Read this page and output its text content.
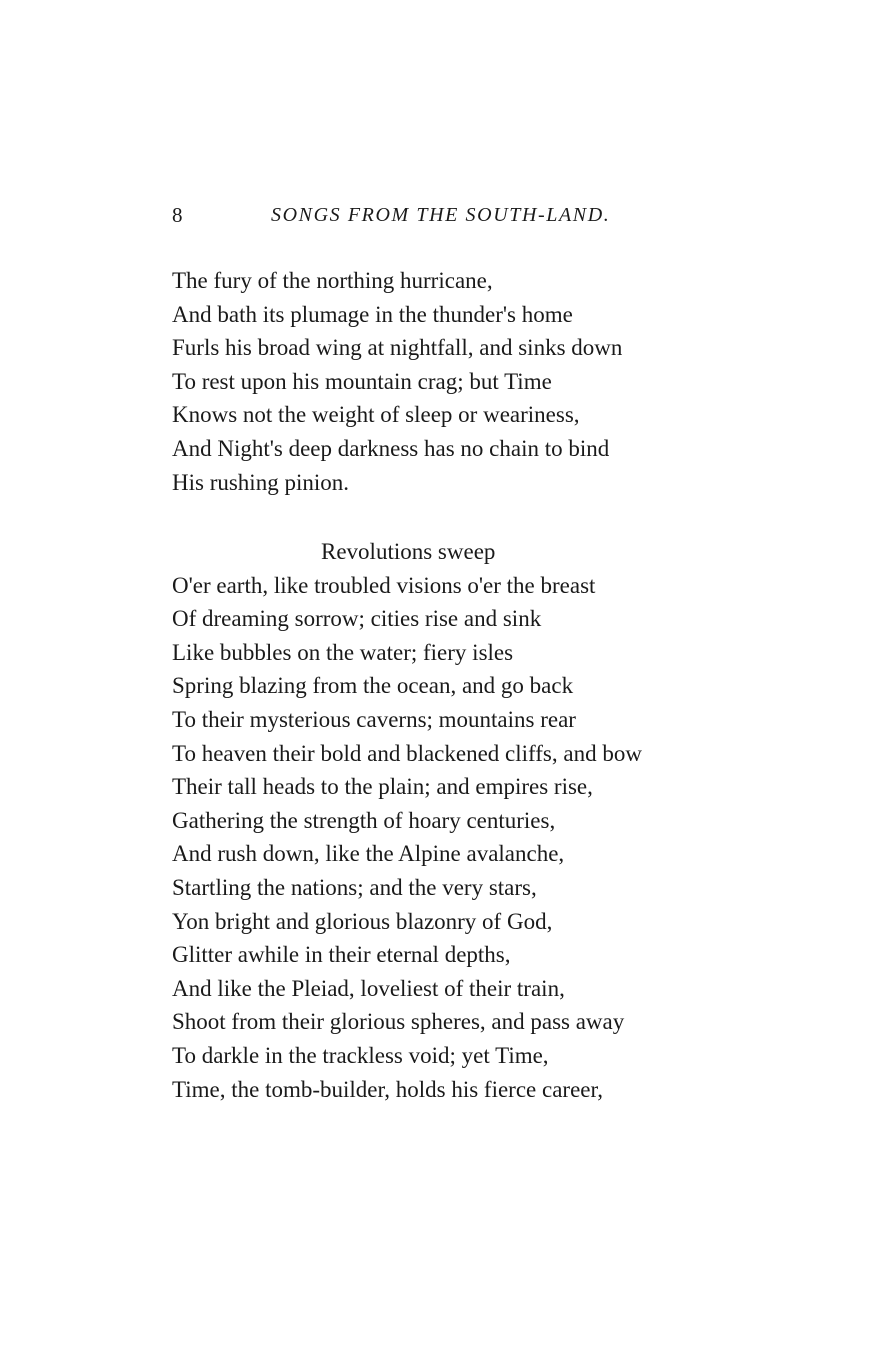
8	SONGS FROM THE SOUTH-LAND.
The fury of the northing hurricane,
And bath its plumage in the thunder's home
Furls his broad wing at nightfall, and sinks down
To rest upon his mountain crag; but Time
Knows not the weight of sleep or weariness,
And Night's deep darkness has no chain to bind
His rushing pinion.
Revolutions sweep
O'er earth, like troubled visions o'er the breast
Of dreaming sorrow; cities rise and sink
Like bubbles on the water; fiery isles
Spring blazing from the ocean, and go back
To their mysterious caverns; mountains rear
To heaven their bold and blackened cliffs, and bow
Their tall heads to the plain; and empires rise,
Gathering the strength of hoary centuries,
And rush down, like the Alpine avalanche,
Startling the nations; and the very stars,
Yon bright and glorious blazonry of God,
Glitter awhile in their eternal depths,
And like the Pleiad, loveliest of their train,
Shoot from their glorious spheres, and pass away
To darkle in the trackless void; yet Time,
Time, the tomb-builder, holds his fierce career,
